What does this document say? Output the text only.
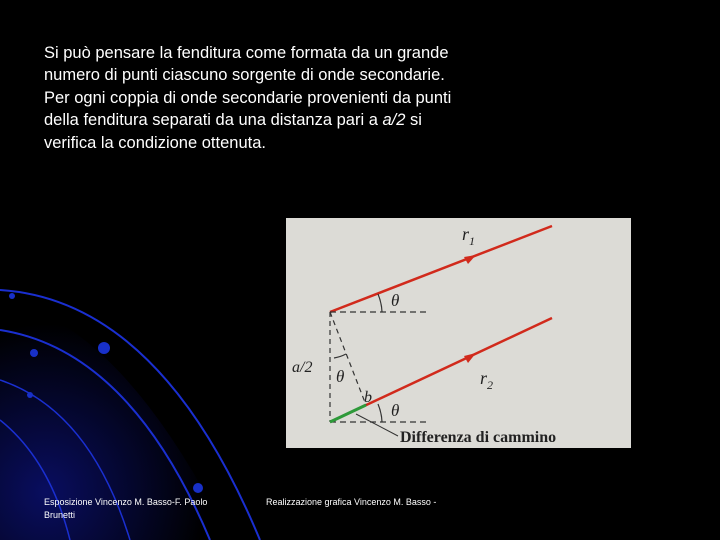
Si può pensare la fenditura come formata da un grande numero di punti ciascuno sorgente di onde secondarie. Per ogni coppia di onde secondarie provenienti da punti della fenditura separati da una distanza pari a a/2 si verifica la condizione ottenuta.
$r_1$
$r_2$
θ
θ
θ
a/2
b
Differenza di cammino
Esposizione Vincenzo M. Basso-F. Paolo Brunetti
Realizzazione grafica Vincenzo M. Basso -
